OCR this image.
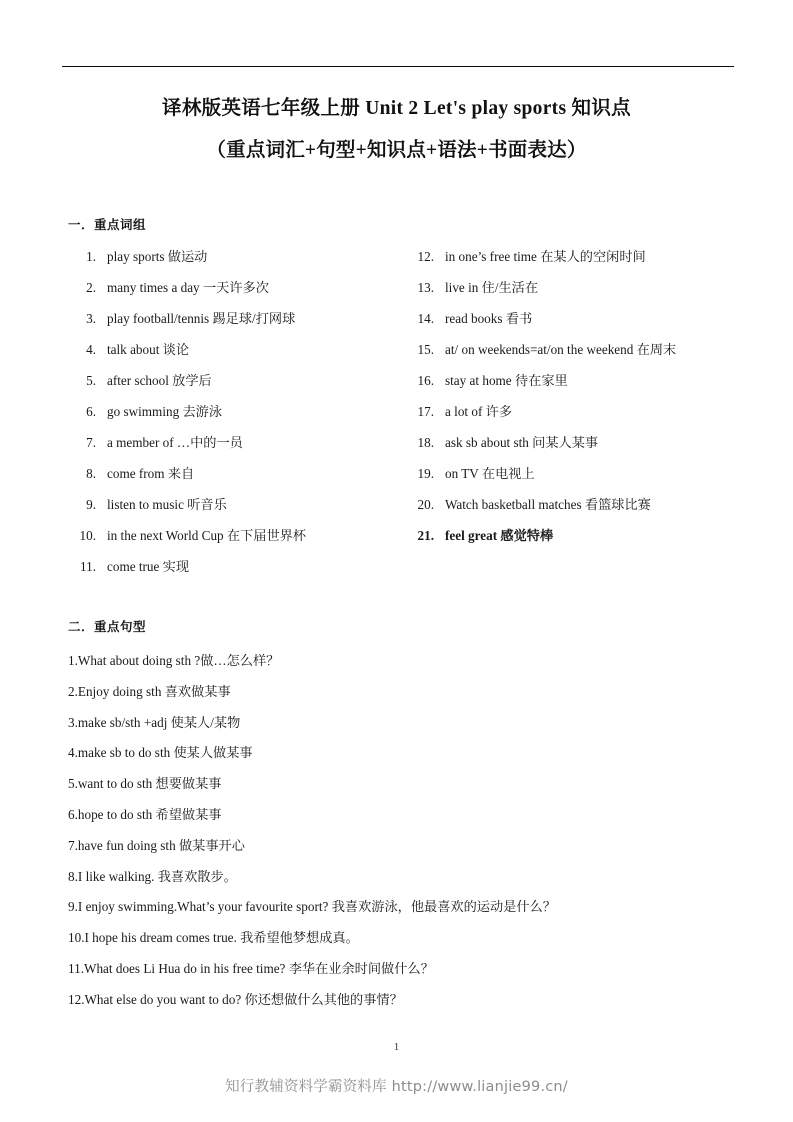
译林版英语七年级上册 Unit 2 Let's play sports 知识点
（重点词汇+句型+知识点+语法+书面表达）
一．重点词组
1. play sports 做运动
2. many times a day 一天许多次
3. play football/tennis 踢足球/打网球
4. talk about 谈论
5. after school 放学后
6. go swimming 去游泳
7. a member of …中的一员
8. come from 来自
9. listen to music 听音乐
10. in the next World Cup 在下届世界杯
11. come true 实现
12. in one’s free time 在某人的空闲时间
13. live in 住/生活在
14. read books 看书
15. at/ on weekends=at/on the weekend 在周末
16. stay at home 待在家里
17. a lot of 许多
18. ask sb about sth 问某人某事
19. on TV 在电视上
20. Watch basketball matches 看篮球比赛
21. feel great 感觉特棒
二．重点句型
1.What about doing sth ?做…怎么样？
2.Enjoy doing sth 喜欢做某事
3.make sb/sth +adj 使某人/某物
4.make sb to do sth 使某人做某事
5.want to do sth 想要做某事
6.hope to do sth 希望做某事
7.have fun doing sth 做某事开心
8.I like walking. 我喜欢散步。
9.I enjoy swimming.What’s your favourite sport? 我喜欢游泳，他最喜欢的运动是什么？
10.I hope his dream comes true. 我希望他梦想成真。
11.What does Li Hua do in his free time? 李华在业余时间做什么？
12.What else do you want to do? 你还想做什么其他的事情？
1
知行教辅资料学霸资料库 http://www.lianjie99.cn/
